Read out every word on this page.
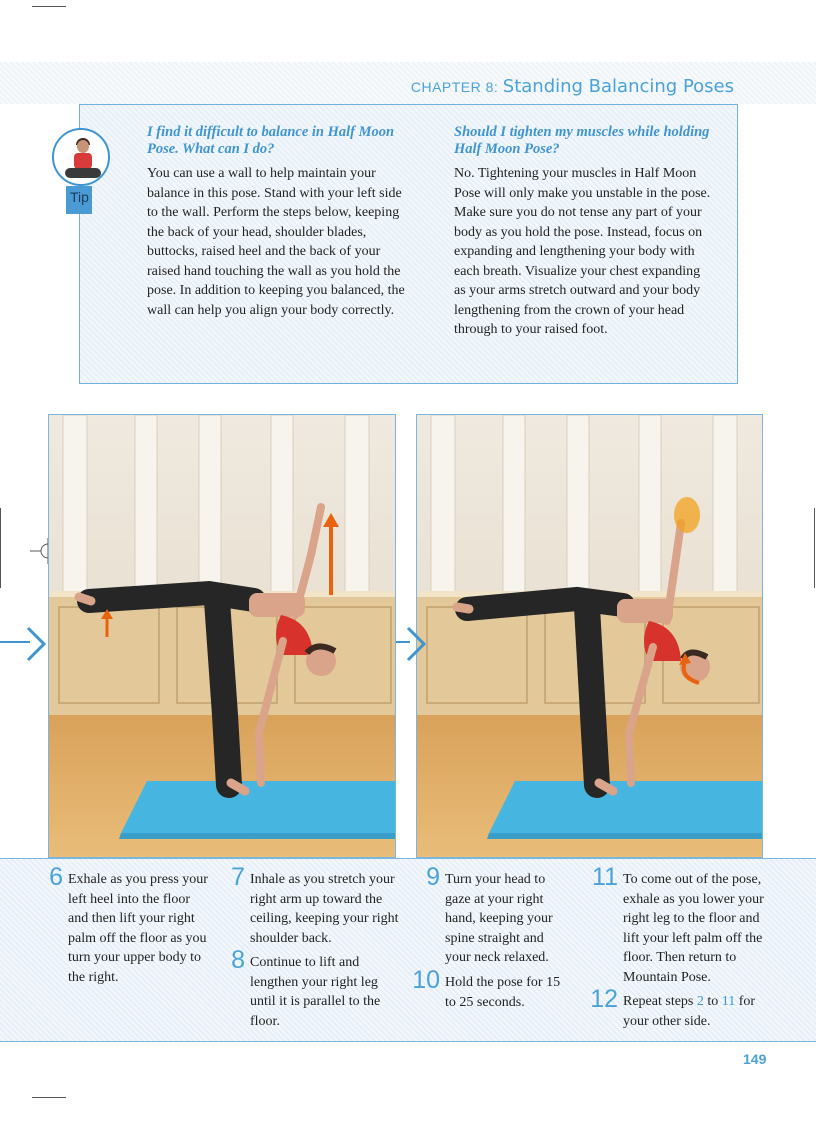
CHAPTER 8: Standing Balancing Poses
Tip
I find it difficult to balance in Half Moon Pose. What can I do?
You can use a wall to help maintain your balance in this pose. Stand with your left side to the wall. Perform the steps below, keeping the back of your head, shoulder blades, buttocks, raised heel and the back of your raised hand touching the wall as you hold the pose. In addition to keeping you balanced, the wall can help you align your body correctly.
Should I tighten my muscles while holding Half Moon Pose?
No. Tightening your muscles in Half Moon Pose will only make you unstable in the pose. Make sure you do not tense any part of your body as you hold the pose. Instead, focus on expanding and lengthening your body with each breath. Visualize your chest expanding as your arms stretch outward and your body lengthening from the crown of your head through to your raised foot.
6 Exhale as you press your left heel into the floor and then lift your right palm off the floor as you turn your upper body to the right.
7 Inhale as you stretch your right arm up toward the ceiling, keeping your right shoulder back.
8 Continue to lift and lengthen your right leg until it is parallel to the floor.
9 Turn your head to gaze at your right hand, keeping your spine straight and your neck relaxed.
10 Hold the pose for 15 to 25 seconds.
11 To come out of the pose, exhale as you lower your right leg to the floor and lift your left palm off the floor. Then return to Mountain Pose.
12 Repeat steps 2 to 11 for your other side.
149
